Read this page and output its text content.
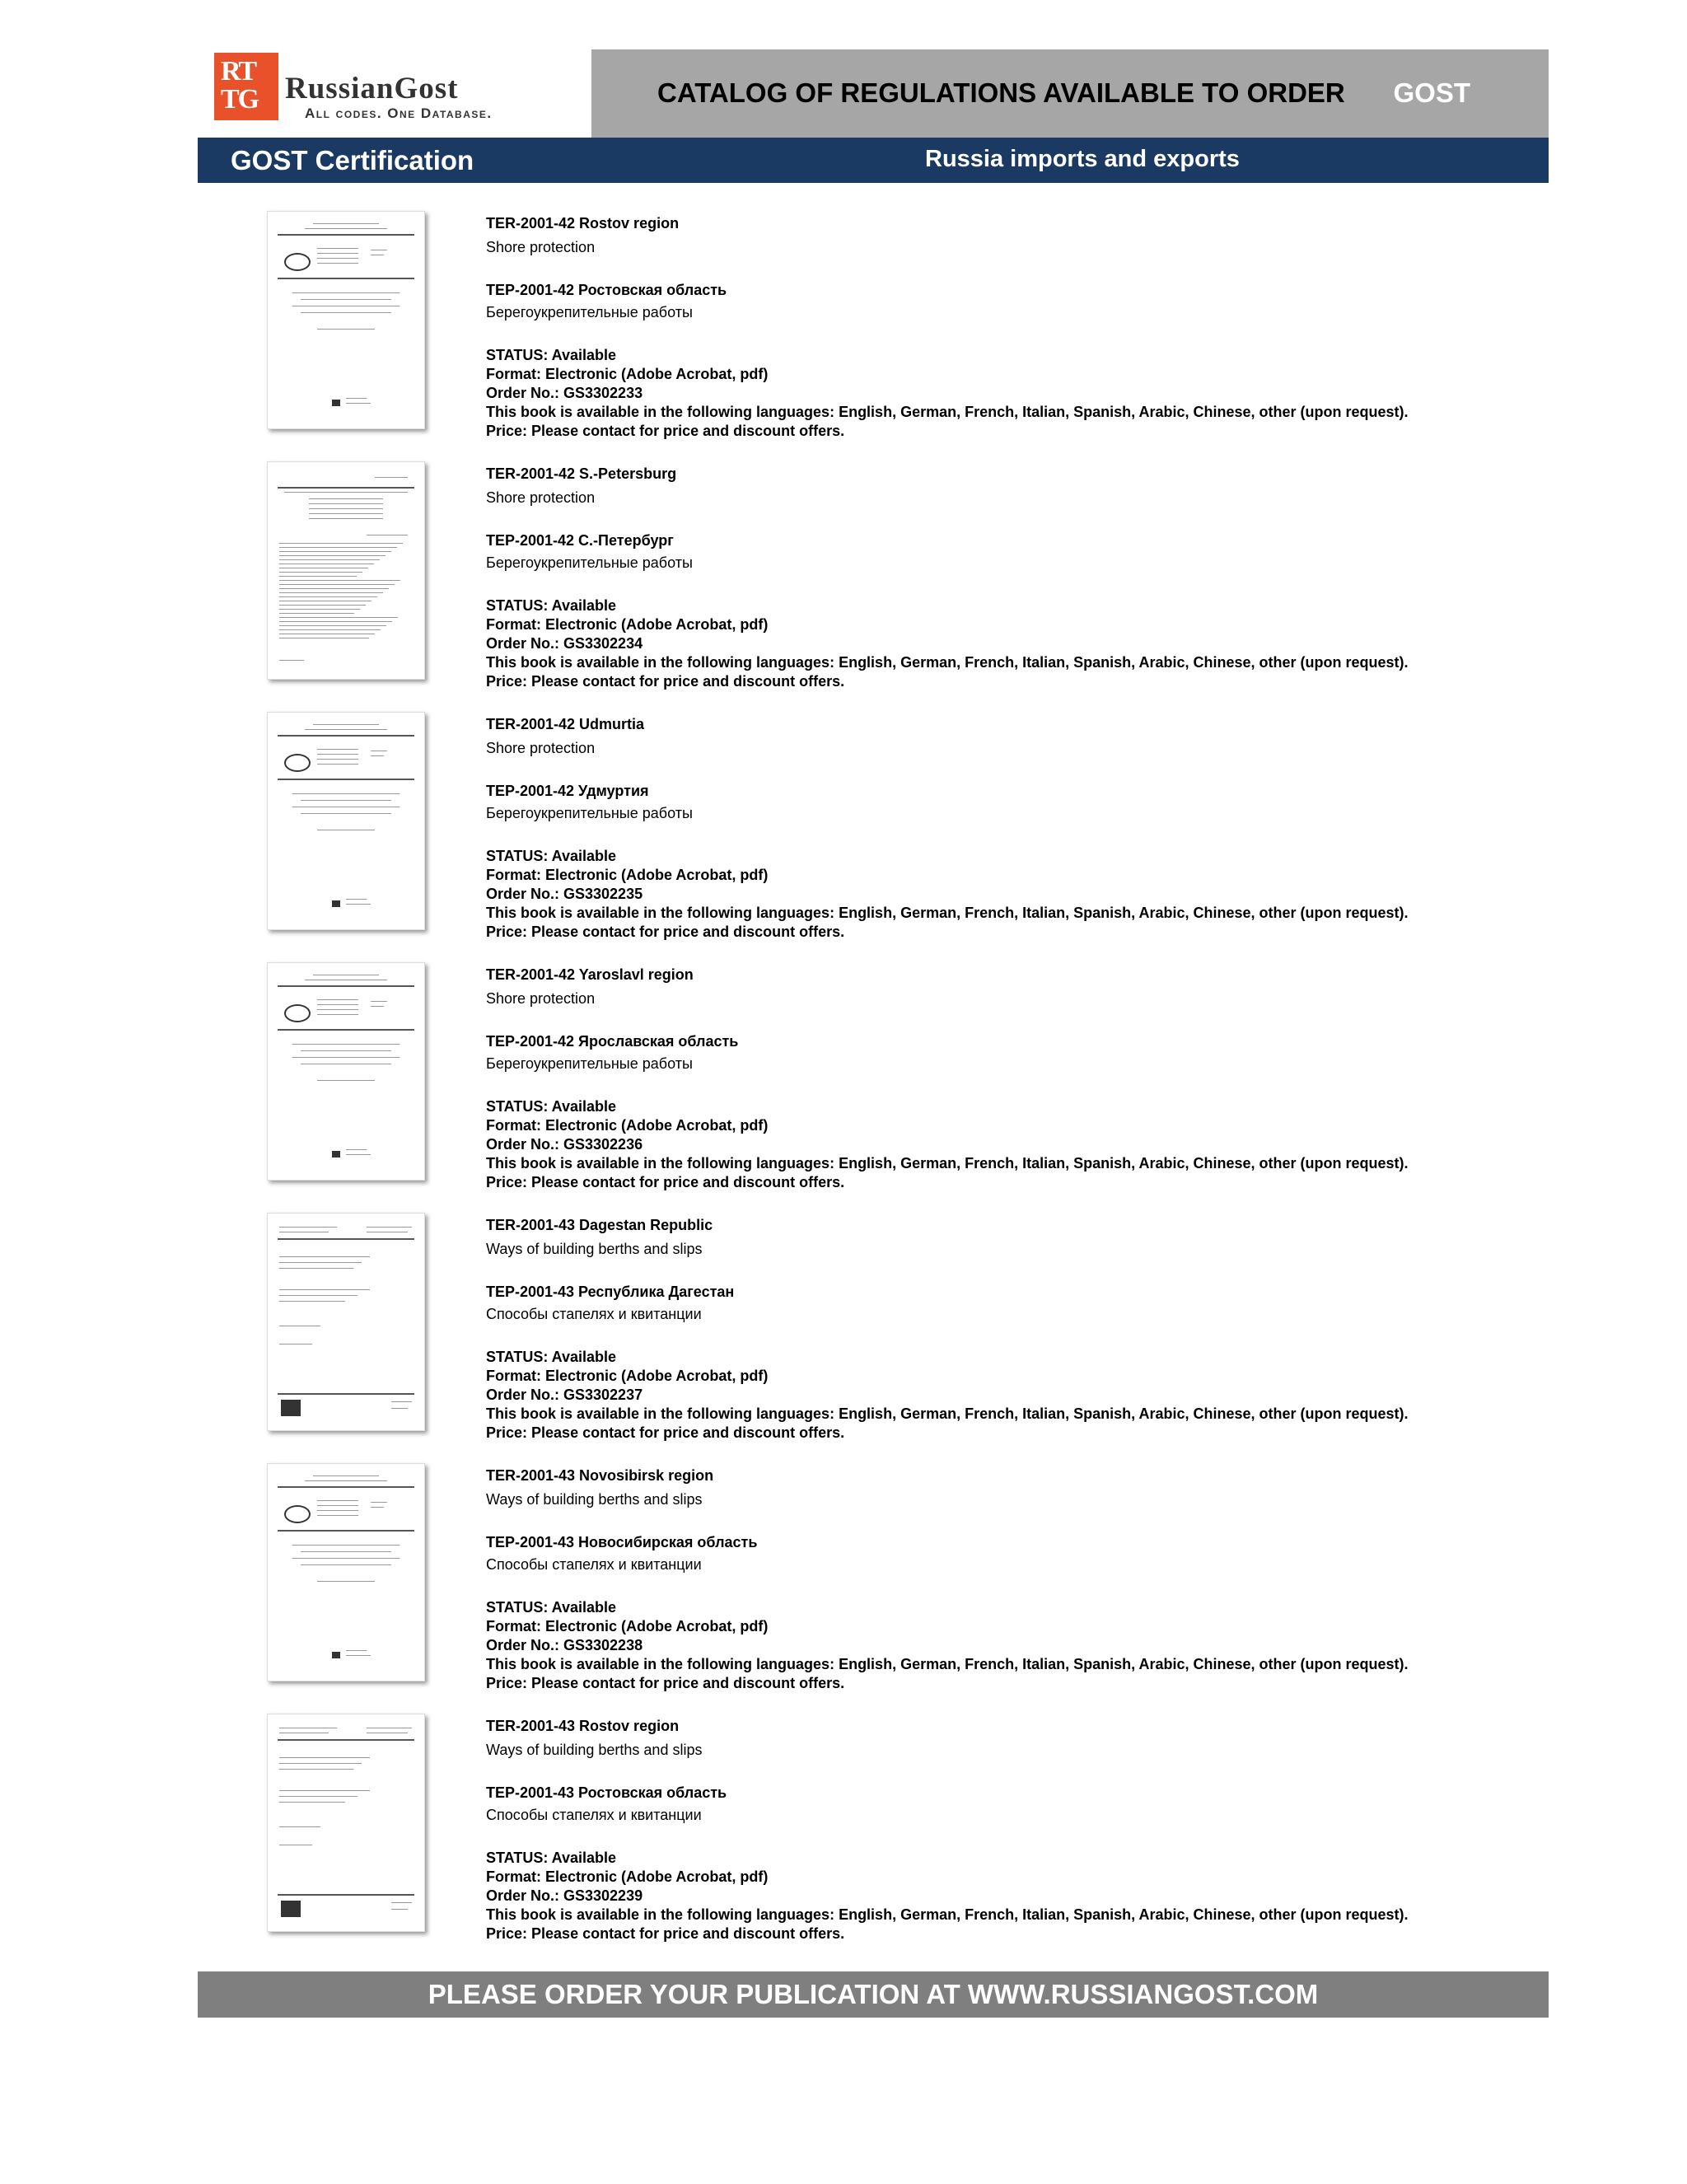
RT
TG RussianGost
All codes. One Database.
CATALOG OF REGULATIONS AVAILABLE TO ORDER GOST
GOST Certification	Russia imports and exports
TER-2001-42 Rostov region
Shore protection
ТЕР-2001-42 Ростовская область
Берегоукрепительные работы
STATUS: Available
Format: Electronic (Adobe Acrobat, pdf)
Order No.: GS3302233
This book is available in the following languages: English, German, French, Italian, Spanish, Arabic, Chinese, other (upon request).
Price: Please contact for price and discount offers.
TER-2001-42 S.-Petersburg
Shore protection
ТЕР-2001-42 С.-Петербург
Берегоукрепительные работы
STATUS: Available
Format: Electronic (Adobe Acrobat, pdf)
Order No.: GS3302234
This book is available in the following languages: English, German, French, Italian, Spanish, Arabic, Chinese, other (upon request).
Price: Please contact for price and discount offers.
TER-2001-42 Udmurtia
Shore protection
ТЕР-2001-42 Удмуртия
Берегоукрепительные работы
STATUS: Available
Format: Electronic (Adobe Acrobat, pdf)
Order No.: GS3302235
This book is available in the following languages: English, German, French, Italian, Spanish, Arabic, Chinese, other (upon request).
Price: Please contact for price and discount offers.
TER-2001-42 Yaroslavl region
Shore protection
ТЕР-2001-42 Ярославская область
Берегоукрепительные работы
STATUS: Available
Format: Electronic (Adobe Acrobat, pdf)
Order No.: GS3302236
This book is available in the following languages: English, German, French, Italian, Spanish, Arabic, Chinese, other (upon request).
Price: Please contact for price and discount offers.
TER-2001-43 Dagestan Republic
Ways of building berths and slips
ТЕР-2001-43 Республика Дагестан
Способы стапелях и квитанции
STATUS: Available
Format: Electronic (Adobe Acrobat, pdf)
Order No.: GS3302237
This book is available in the following languages: English, German, French, Italian, Spanish, Arabic, Chinese, other (upon request).
Price: Please contact for price and discount offers.
TER-2001-43 Novosibirsk region
Ways of building berths and slips
ТЕР-2001-43 Новосибирская область
Способы стапелях и квитанции
STATUS: Available
Format: Electronic (Adobe Acrobat, pdf)
Order No.: GS3302238
This book is available in the following languages: English, German, French, Italian, Spanish, Arabic, Chinese, other (upon request).
Price: Please contact for price and discount offers.
TER-2001-43 Rostov region
Ways of building berths and slips
ТЕР-2001-43 Ростовская область
Способы стапелях и квитанции
STATUS: Available
Format: Electronic (Adobe Acrobat, pdf)
Order No.: GS3302239
This book is available in the following languages: English, German, French, Italian, Spanish, Arabic, Chinese, other (upon request).
Price: Please contact for price and discount offers.
PLEASE ORDER YOUR PUBLICATION AT WWW.RUSSIANGOST.COM
